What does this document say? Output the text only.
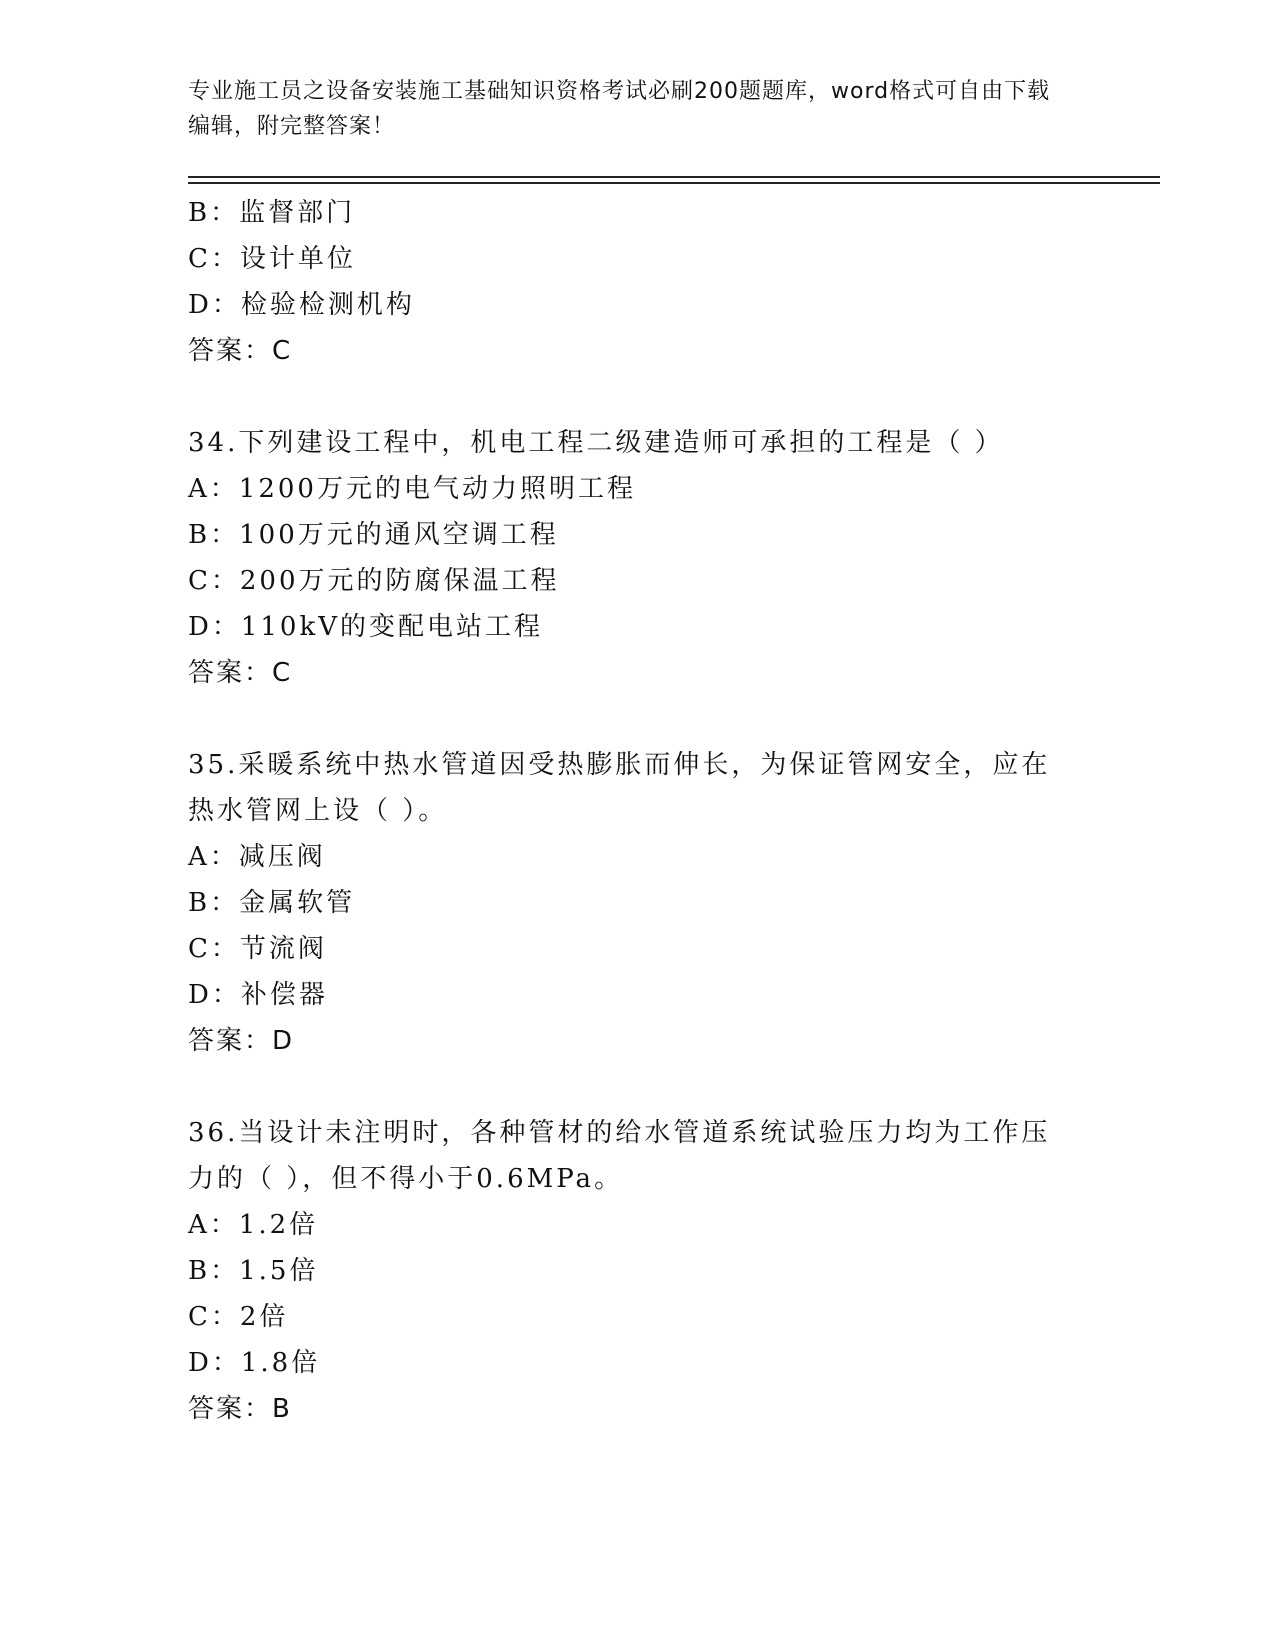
专业施工员之设备安装施工基础知识资格考试必刷200题题库，word格式可自由下载编辑，附完整答案！
B：监督部门
C：设计单位
D：检验检测机构
答案：C
34.下列建设工程中，机电工程二级建造师可承担的工程是（ ）
A：1200万元的电气动力照明工程
B：100万元的通风空调工程
C：200万元的防腐保温工程
D：110kV的变配电站工程
答案：C
35.采暖系统中热水管道因受热膨胀而伸长，为保证管网安全，应在热水管网上设（ ）。
A：减压阀
B：金属软管
C：节流阀
D：补偿器
答案：D
36.当设计未注明时，各种管材的给水管道系统试验压力均为工作压力的（ ），但不得小于0.6MPa。
A：1.2倍
B：1.5倍
C：2倍
D：1.8倍
答案：B
